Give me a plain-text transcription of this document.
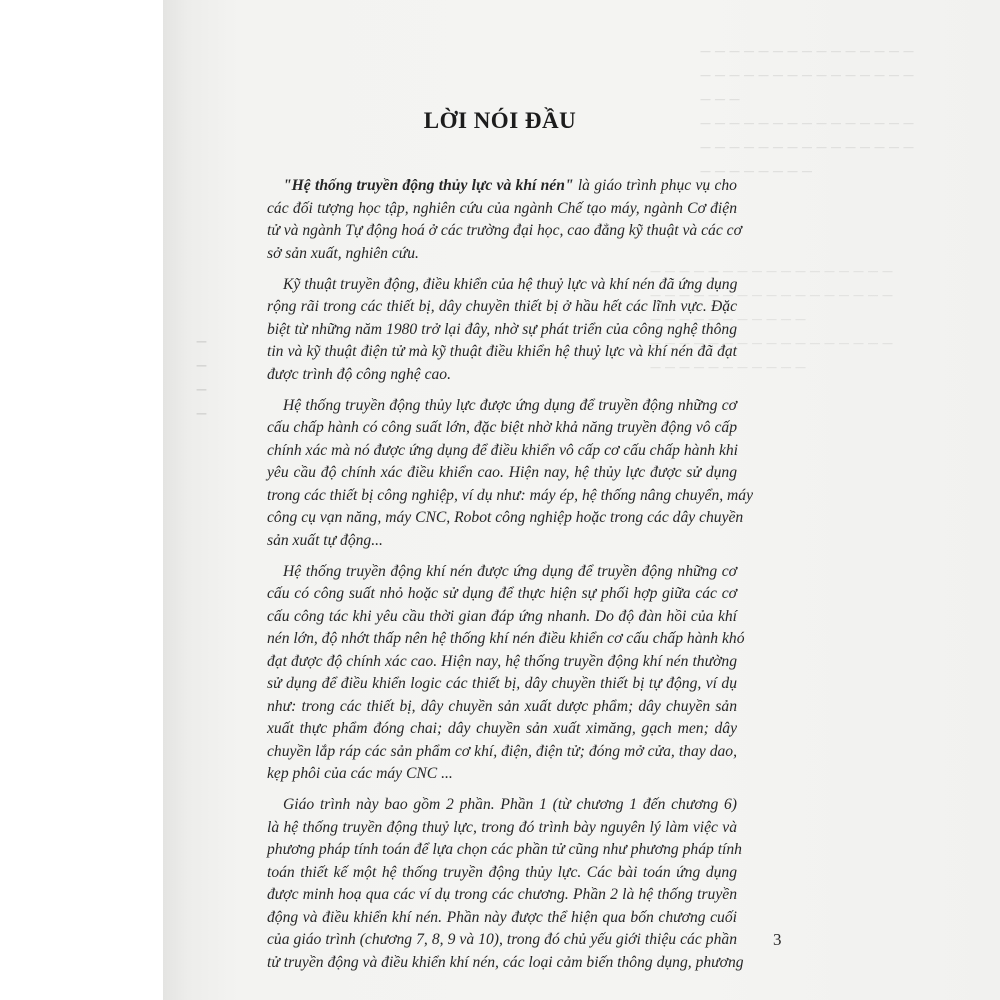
— — — — — — — — — — — — — — —
— — — — — — — — — — — — — — —
— — —
— — — — — — — — — — — — — — —
— — — — — — — — — — — — — — —
— — — — — — — —
— — — — — — — — — — — — — — — — —
— — — — — — — — — — — — — — — — —
— — — — — — — — — — —
— — — — — — — — — — — — — — — — —
— — — — — — — — — — —
—
—
—
—
LỜI NÓI ĐẦU

"Hệ thống truyền động thủy lực và khí nén" là giáo trình phục vụ cho
các đối tượng học tập, nghiên cứu của ngành Chế tạo máy, ngành Cơ điện
tử và ngành Tự động hoá ở các trường đại học, cao đẳng kỹ thuật và các cơ
sở sản xuất, nghiên cứu.

Kỹ thuật truyền động, điều khiển của hệ thuỷ lực và khí nén đã ứng dụng
rộng rãi trong các thiết bị, dây chuyền thiết bị ở hầu hết các lĩnh vực. Đặc
biệt từ những năm 1980 trở lại đây, nhờ sự phát triển của công nghệ thông
tin và kỹ thuật điện tử mà kỹ thuật điều khiển hệ thuỷ lực và khí nén đã đạt
được trình độ công nghệ cao.

Hệ thống truyền động thủy lực được ứng dụng để truyền động những cơ
cấu chấp hành có công suất lớn, đặc biệt nhờ khả năng truyền động vô cấp
chính xác mà nó được ứng dụng để điều khiển vô cấp cơ cấu chấp hành khi
yêu cầu độ chính xác điều khiển cao. Hiện nay, hệ thủy lực được sử dụng
trong các thiết bị công nghiệp, ví dụ như: máy ép, hệ thống nâng chuyển, máy
công cụ vạn năng, máy CNC, Robot công nghiệp hoặc trong các dây chuyền
sản xuất tự động...

Hệ thống truyền động khí nén được ứng dụng để truyền động những cơ
cấu có công suất nhỏ hoặc sử dụng để thực hiện sự phối hợp giữa các cơ
cấu công tác khi yêu cầu thời gian đáp ứng nhanh. Do độ đàn hồi của khí
nén lớn, độ nhớt thấp nên hệ thống khí nén điều khiển cơ cấu chấp hành khó
đạt được độ chính xác cao. Hiện nay, hệ thống truyền động khí nén thường
sử dụng để điều khiển logic các thiết bị, dây chuyền thiết bị tự động, ví dụ
như: trong các thiết bị, dây chuyền sản xuất dược phẩm; dây chuyền sản
xuất thực phẩm đóng chai; dây chuyền sản xuất ximăng, gạch men; dây
chuyền lắp ráp các sản phẩm cơ khí, điện, điện tử; đóng mở cửa, thay dao,
kẹp phôi của các máy CNC ...

Giáo trình này bao gồm 2 phần. Phần 1 (từ chương 1 đến chương 6)
là hệ thống truyền động thuỷ lực, trong đó trình bày nguyên lý làm việc và
phương pháp tính toán để lựa chọn các phần tử cũng như phương pháp tính
toán thiết kế một hệ thống truyền động thủy lực. Các bài toán ứng dụng
được minh hoạ qua các ví dụ trong các chương. Phần 2 là hệ thống truyền
động và điều khiển khí nén. Phần này được thể hiện qua bốn chương cuối
của giáo trình (chương 7, 8, 9 và 10), trong đó chủ yếu giới thiệu các phần
tử truyền động và điều khiển khí nén, các loại cảm biến thông dụng, phương

3
